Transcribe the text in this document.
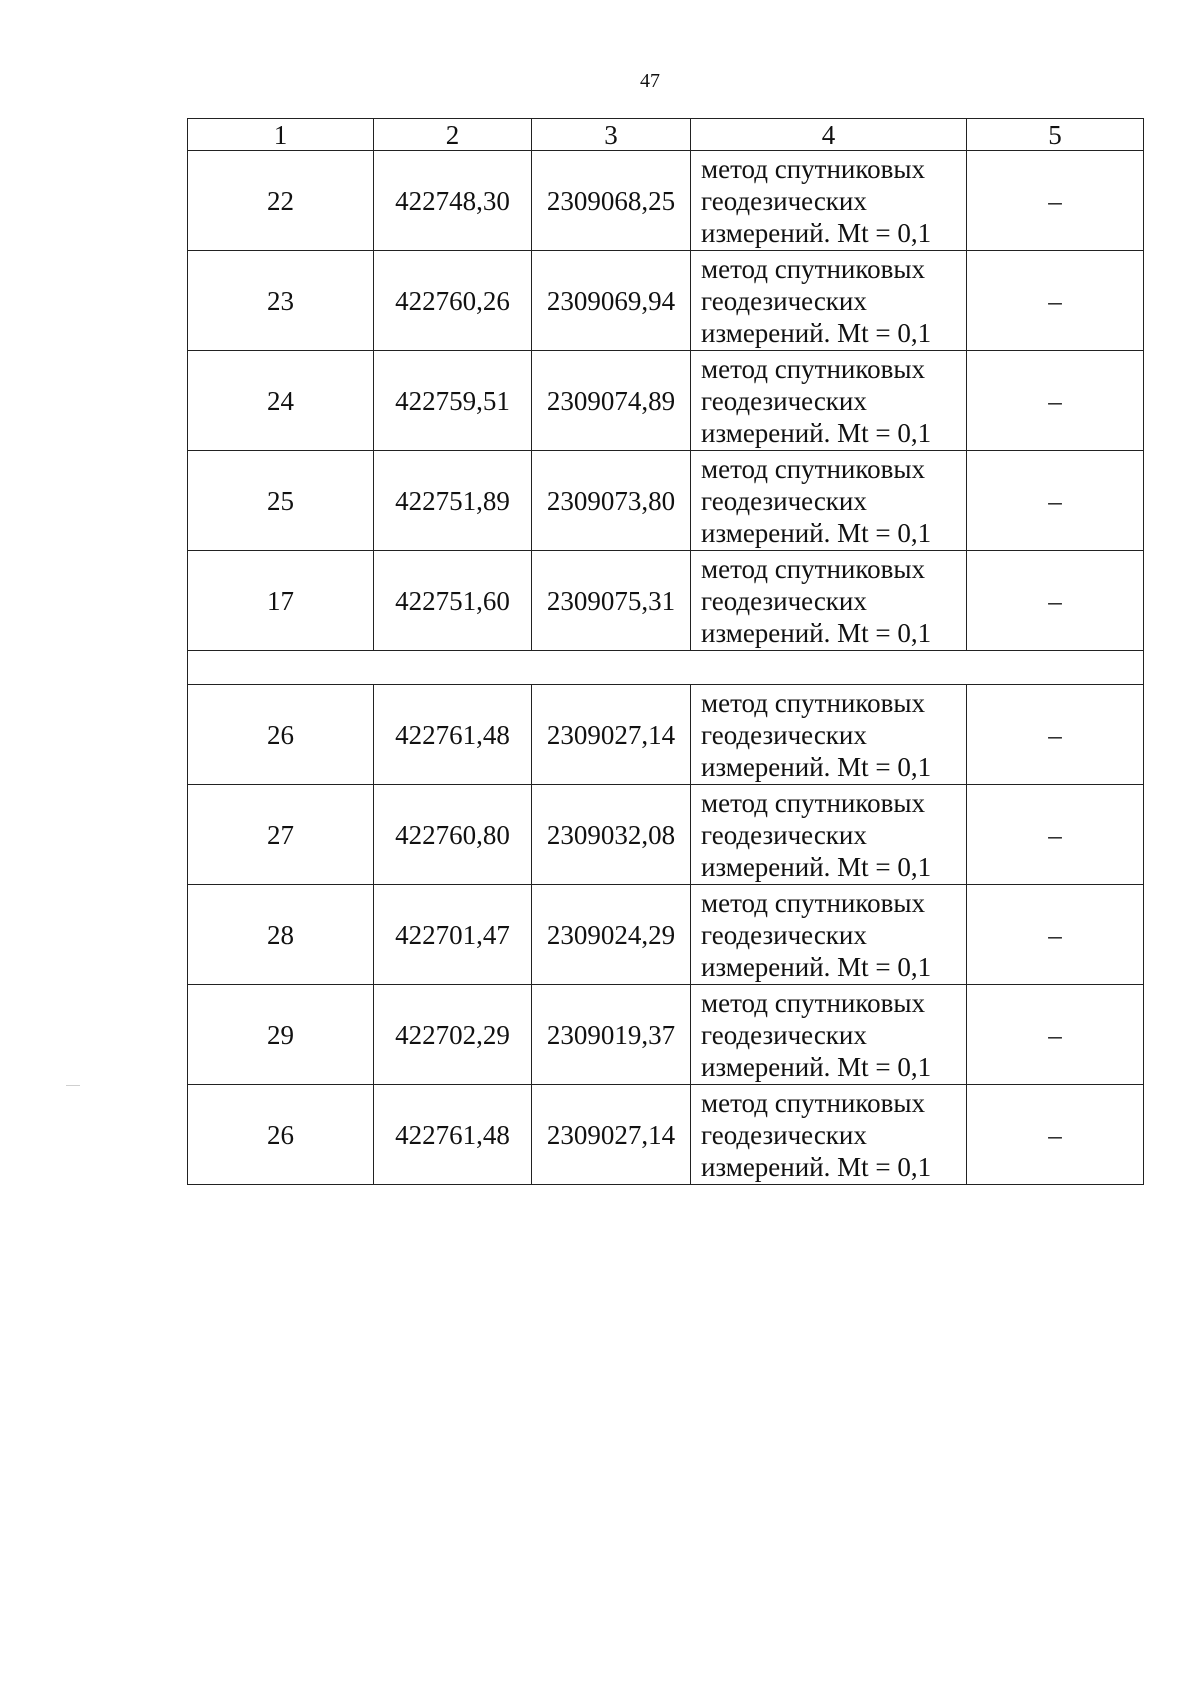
47
1	2	3	4	5
22	422748,30	2309068,25	метод спутниковых
геодезических
измерений. Mt = 0,1	–
23	422760,26	2309069,94	метод спутниковых
геодезических
измерений. Mt = 0,1	–
24	422759,51	2309074,89	метод спутниковых
геодезических
измерений. Mt = 0,1	–
25	422751,89	2309073,80	метод спутниковых
геодезических
измерений. Mt = 0,1	–
17	422751,60	2309075,31	метод спутниковых
геодезических
измерений. Mt = 0,1	–

26	422761,48	2309027,14	метод спутниковых
геодезических
измерений. Mt = 0,1	–
27	422760,80	2309032,08	метод спутниковых
геодезических
измерений. Mt = 0,1	–
28	422701,47	2309024,29	метод спутниковых
геодезических
измерений. Mt = 0,1	–
29	422702,29	2309019,37	метод спутниковых
геодезических
измерений. Mt = 0,1	–
26	422761,48	2309027,14	метод спутниковых
геодезических
измерений. Mt = 0,1	–
